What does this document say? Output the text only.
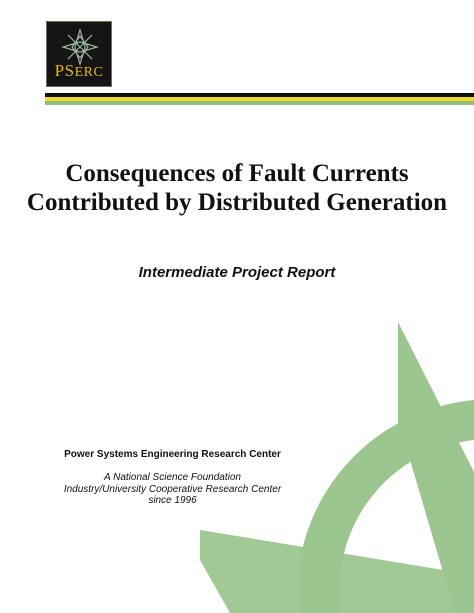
PSERC
Consequences of Fault Currents
Contributed by Distributed Generation
Intermediate Project Report
Power Systems Engineering Research Center
A National Science Foundation
Industry/University Cooperative Research Center
since 1996
